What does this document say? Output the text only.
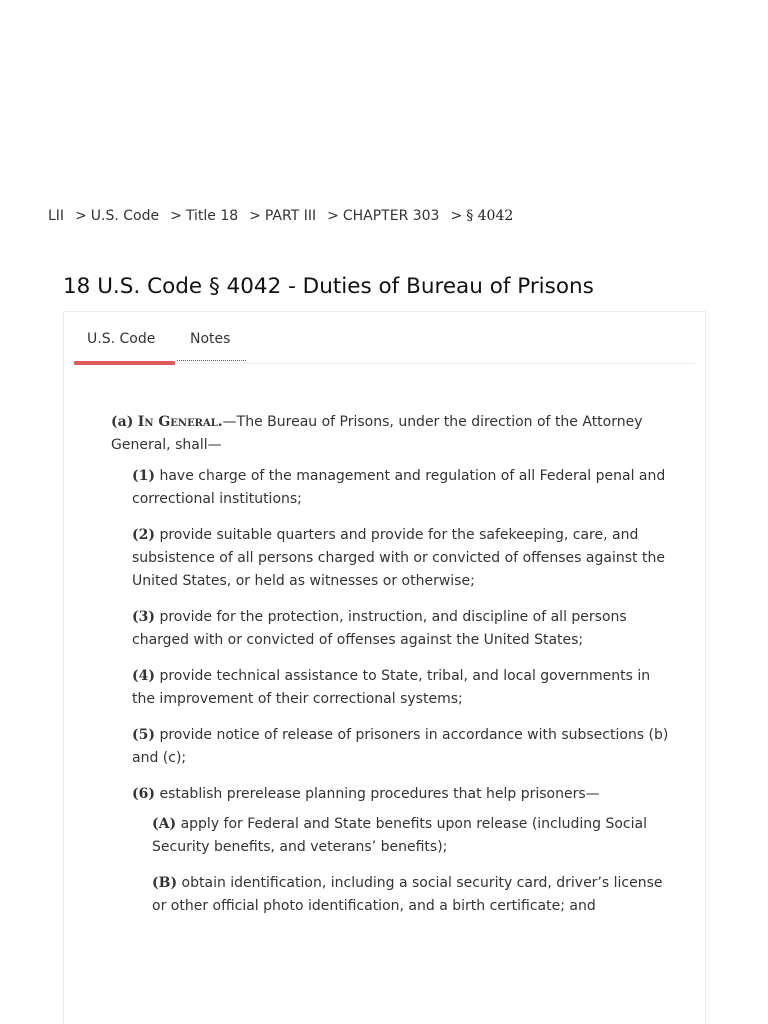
LII > U.S. Code > Title 18 > PART III > CHAPTER 303 > § 4042
18 U.S. Code § 4042 - Duties of Bureau of Prisons
U.S. Code Notes

(a) In General.—The Bureau of Prisons, under the direction of the Attorney General, shall—

(1) have charge of the management and regulation of all Federal penal and correctional institutions;

(2) provide suitable quarters and provide for the safekeeping, care, and subsistence of all persons charged with or convicted of offenses against the United States, or held as witnesses or otherwise;

(3) provide for the protection, instruction, and discipline of all persons charged with or convicted of offenses against the United States;

(4) provide technical assistance to State, tribal, and local governments in the improvement of their correctional systems;

(5) provide notice of release of prisoners in accordance with subsections (b) and (c);

(6) establish prerelease planning procedures that help prisoners—

(A) apply for Federal and State benefits upon release (including Social Security benefits, and veterans’ benefits);

(B) obtain identification, including a social security card, driver’s license or other official photo identification, and a birth certificate; and
